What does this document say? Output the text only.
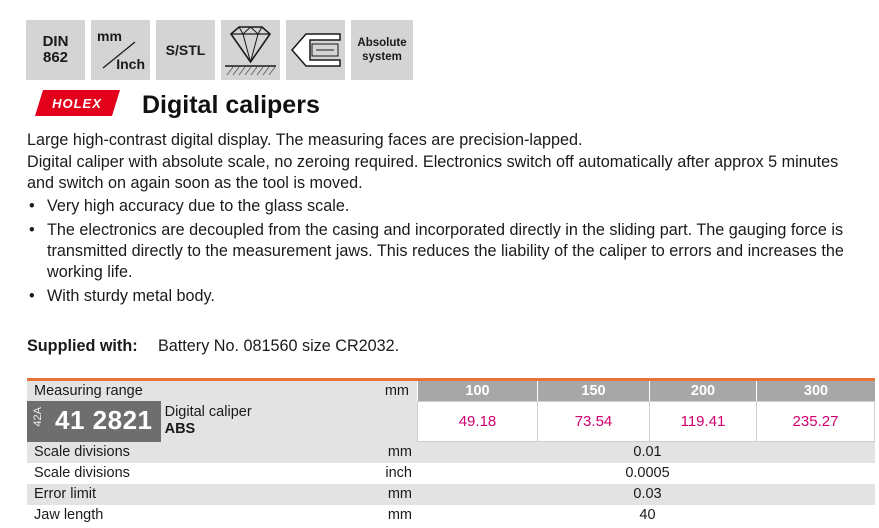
DIN
862
mm
Inch
S/STL	Absolute
system
HOLEX Digital calipers

Large high-contrast digital display. The measuring faces are precision-lapped.

Digital caliper with absolute scale, no zeroing required. Electronics switch off automatically after approx 5 minutes and switch on again soon as the tool is moved.

• Very high accuracy due to the glass scale.
• The electronics are decoupled from the casing and incorporated directly in the sliding part. The gauging force is transmitted directly to the measurement jaws. This reduces the liability of the caliper to errors and increases the working life.
• With sturdy metal body.
Supplied with: Battery No. 081560 size CR2032.
Measuring range	mm	100	150	200	300
42A 41 2821 Digital caliper
ABS	49.18	73.54	119.41	235.27
Scale divisions	mm	0.01
Scale divisions	inch	0.0005
Error limit	mm	0.03
Jaw length	mm	40
